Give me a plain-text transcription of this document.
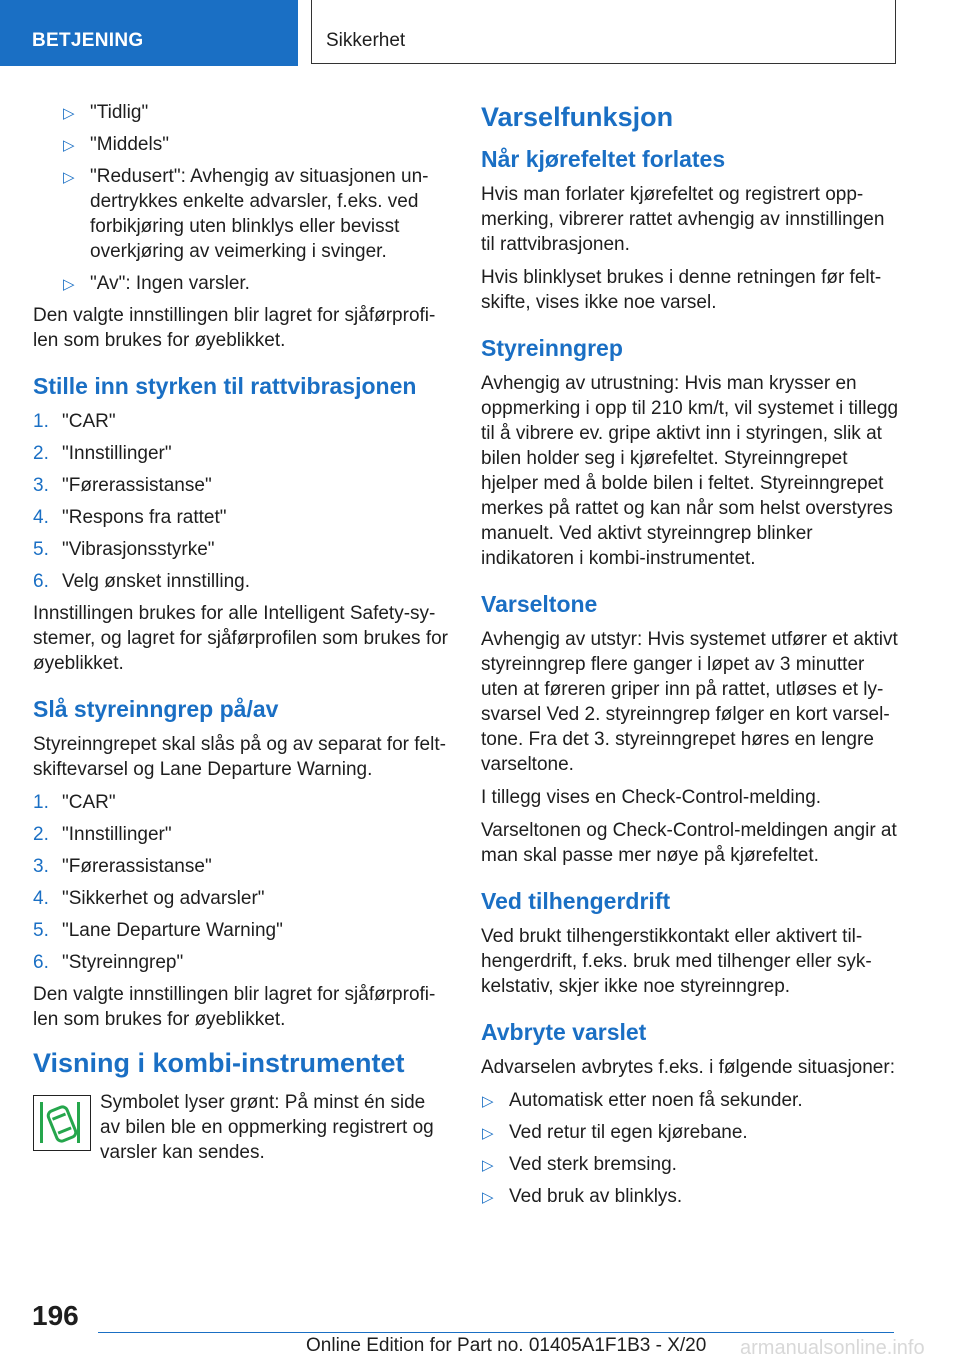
BETJENING	Sikkerhet
▷ "Tidlig"
▷ "Middels"
▷ "Redusert": Avhengig av situasjonen undertrykkes enkelte advarsler, f.eks. ved forbikjøring uten blinklys eller bevisst overkjøring av veimerking i svinger.
▷ "Av": Ingen varsler.
Den valgte innstillingen blir lagret for sjåførprofilen som brukes for øyeblikket.
Stille inn styrken til rattvibrasjonen
1. "CAR"
2. "Innstillinger"
3. "Førerassistanse"
4. "Respons fra rattet"
5. "Vibrasjonsstyrke"
6. Velg ønsket innstilling.
Innstillingen brukes for alle Intelligent Safety-systemer, og lagret for sjåførprofilen som brukes for øyeblikket.
Slå styreinngrep på/av
Styreinngrepet skal slås på og av separat for feltskiftevarsel og Lane Departure Warning.
1. "CAR"
2. "Innstillinger"
3. "Førerassistanse"
4. "Sikkerhet og advarsler"
5. "Lane Departure Warning"
6. "Styreinngrep"
Den valgte innstillingen blir lagret for sjåførprofilen som brukes for øyeblikket.
Visning i kombi-instrumentet
Symbolet lyser grønt: På minst én side av bilen ble en oppmerking registrert og varsler kan sendes.
Varselfunksjon
Når kjørefeltet forlates
Hvis man forlater kjørefeltet og registrert oppmerking, vibrerer rattet avhengig av innstillingen til rattvibrasjonen.
Hvis blinklyset brukes i denne retningen før feltskifte, vises ikke noe varsel.
Styreinngrep
Avhengig av utrustning: Hvis man krysser en oppmerking i opp til 210 km/t, vil systemet i tillegg til å vibrere ev. gripe aktivt inn i styringen, slik at bilen holder seg i kjørefeltet. Styreinngrepet hjelper med å bolde bilen i feltet. Styreinngrepet merkes på rattet og kan når som helst overstyres manuelt. Ved aktivt styreinngrep blinker indikatoren i kombi-instrumentet.
Varseltone
Avhengig av utstyr: Hvis systemet utfører et aktivt styreinngrep flere ganger i løpet av 3 minutter uten at føreren griper inn på rattet, utløses et lysvarsel Ved 2. styreinngrep følger en kort varseltone. Fra det 3. styreinngrepet høres en lengre varseltone.
I tillegg vises en Check-Control-melding.
Varseltonen og Check-Control-meldingen angir at man skal passe mer nøye på kjørefeltet.
Ved tilhengerdrift
Ved brukt tilhengerstikkontakt eller aktivert tilhengerdrift, f.eks. bruk med tilhenger eller sykkelstativ, skjer ikke noe styreinngrep.
Avbryte varslet
Advarselen avbrytes f.eks. i følgende situasjoner:
▷ Automatisk etter noen få sekunder.
▷ Ved retur til egen kjørebane.
▷ Ved sterk bremsing.
▷ Ved bruk av blinklys.
196
Online Edition for Part no. 01405A1F1B3 - X/20 armanualsonline.info
